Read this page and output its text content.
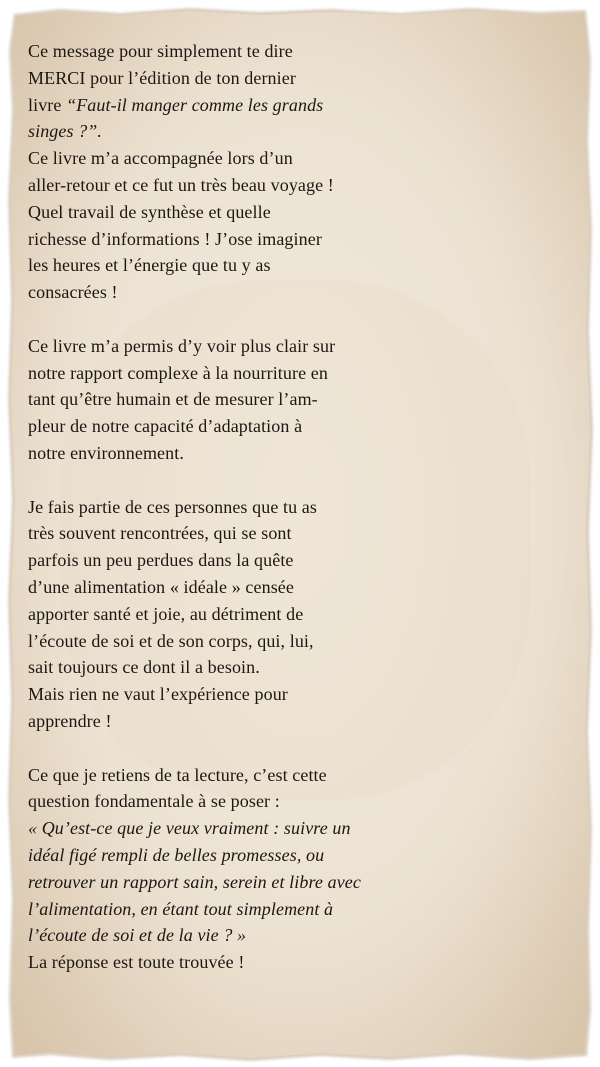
Ce message pour simplement te dire
MERCI pour l’édition de ton dernier
livre “Faut-il manger comme les grands
singes ?”.
Ce livre m’a accompagnée lors d’un
aller-retour et ce fut un très beau voyage !
Quel travail de synthèse et quelle
richesse d’informations ! J’ose imaginer
les heures et l’énergie que tu y as
consacrées !

Ce livre m’a permis d’y voir plus clair sur
notre rapport complexe à la nourriture en
tant qu’être humain et de mesurer l’am-
pleur de notre capacité d’adaptation à
notre environnement.

Je fais partie de ces personnes que tu as
très souvent rencontrées, qui se sont
parfois un peu perdues dans la quête
d’une alimentation « idéale » censée
apporter santé et joie, au détriment de
l’écoute de soi et de son corps, qui, lui,
sait toujours ce dont il a besoin.
Mais rien ne vaut l’expérience pour
apprendre !

Ce que je retiens de ta lecture, c’est cette
question fondamentale à se poser :
« Qu’est-ce que je veux vraiment : suivre un
idéal figé rempli de belles promesses, ou
retrouver un rapport sain, serein et libre avec
l’alimentation, en étant tout simplement à
l’écoute de soi et de la vie ? »
La réponse est toute trouvée !
